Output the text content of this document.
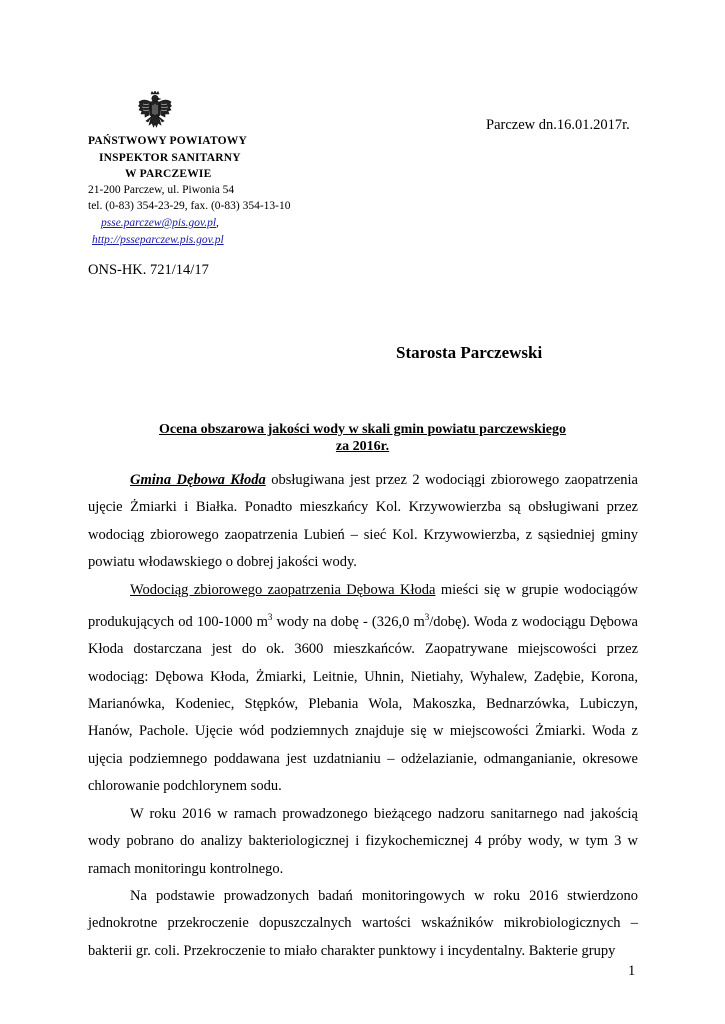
PAŃSTWOWY POWIATOWY
INSPEKTOR SANITARNY
W PARCZEWIE
21-200 Parczew, ul. Piwonia 54
tel. (0-83) 354-23-29, fax. (0-83) 354-13-10
psse.parczew@pis.gov.pl,
http://psseparczew.pis.gov.pl
Parczew dn.16.01.2017r.
ONS-HK. 721/14/17
Starosta Parczewski
Ocena obszarowa jakości wody w skali gmin powiatu parczewskiego
za 2016r.

Gmina Dębowa Kłoda obsługiwana jest przez 2 wodociągi zbiorowego zaopatrzenia ujęcie Żmiarki i Białka. Ponadto mieszkańcy Kol. Krzywowierzba są obsługiwani przez wodociąg zbiorowego zaopatrzenia Lubień – sieć Kol. Krzywowierzba, z sąsiedniej gminy powiatu włodawskiego o dobrej jakości wody.

Wodociąg zbiorowego zaopatrzenia Dębowa Kłoda mieści się w grupie wodociągów produkujących od 100-1000 $m^3$ wody na dobę - (326,0 $m^3/dobę$). Woda z wodociągu Dębowa Kłoda dostarczana jest do ok. 3600 mieszkańców. Zaopatrywane miejscowości przez wodociąg: Dębowa Kłoda, Żmiarki, Leitnie, Uhnin, Nietiahy, Wyhalew, Zadębie, Korona, Marianówka, Kodeniec, Stępków, Plebania Wola, Makoszka, Bednarzówka, Lubiczyn, Hanów, Pachole. Ujęcie wód podziemnych znajduje się w miejscowości Żmiarki. Woda z ujęcia podziemnego poddawana jest uzdatnianiu – odżelazianie, odmanganianie, okresowe chlorowanie podchlorynem sodu.

W roku 2016 w ramach prowadzonego bieżącego nadzoru sanitarnego nad jakością wody pobrano do analizy bakteriologicznej i fizykochemicznej 4 próby wody, w tym 3 w ramach monitoringu kontrolnego.

Na podstawie prowadzonych badań monitoringowych w roku 2016 stwierdzono jednokrotne przekroczenie dopuszczalnych wartości wskaźników mikrobiologicznych – bakterii gr. coli. Przekroczenie to miało charakter punktowy i incydentalny. Bakterie grupy

1
